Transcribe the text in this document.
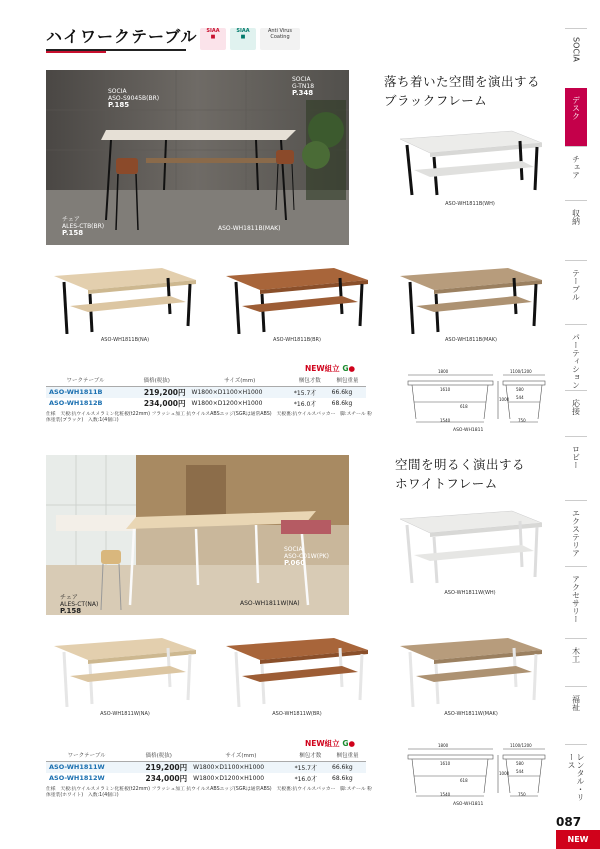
ハイワークテーブル	SIAA
■
SIAA
■
Anti Virus Coating	SOCIA
デスク
チェア
収納
テーブル
パーティション
応接
ロビー
エクステリア
アクセサリー
木工
福祉
レンタル・リース
SOCIA
ASO-S9045B(BR)
P.185
SOCIA
G-TN18
P.348
チェア
ALES-CTB(BR)
P.158
ASO-WH1811B(MAK)
落ち着いた空間を演出する
ブラックフレーム
ASO-WH1811B(WH)
ASO-WH1811B(NA)	ASO-WH1811B(BR)	ASO-WH1811B(MAK)
NEW組立 G●
ワークテーブル	価格(税抜)	サイズ(mm)	梱包才数	梱包重量
ASO-WH1811B	219,200円	W1800×D1100×H1000	*15.7才	66.6kg
ASO-WH1812B	234,000円	W1800×D1200×H1000	*16.0才	68.6kg
仕様　天板:抗ウイルスメラミン化粧板(t22mm) フラッシュ加工 抗ウイルスABSエッジ(SGRは通常ABS)　天板裏:抗ウイルスバッカー　脚:スチール 粉体塗装(ブラック)　入数:1(4個口)
1800	1100/1200
1610	580
544
1540	750
618
1000
ASO-WH1811
SOCIA
ASO-C01W(PK)
P.060
チェア
ALES-CT(NA)
P.158
ASO-WH1811W(NA)
空間を明るく演出する
ホワイトフレーム
ASO-WH1811W(WH)
ASO-WH1811W(NA)	ASO-WH1811W(BR)	ASO-WH1811W(MAK)
NEW組立 G●
ワークテーブル	価格(税抜)	サイズ(mm)	梱包才数	梱包重量
ASO-WH1811W	219,200円	W1800×D1100×H1000	*15.7才	66.6kg
ASO-WH1812W	234,000円	W1800×D1200×H1000	*16.0才	68.6kg
仕様　天板:抗ウイルスメラミン化粧板(t22mm) フラッシュ加工 抗ウイルスABSエッジ(SGRは通常ABS)　天板裏:抗ウイルスバッカー　脚:スチール 粉体塗装(ホワイト)　入数:1(4個口)
1800	1100/1200
1610	580
544
1540	750
618
1000
ASO-WH1811
087
NEW
